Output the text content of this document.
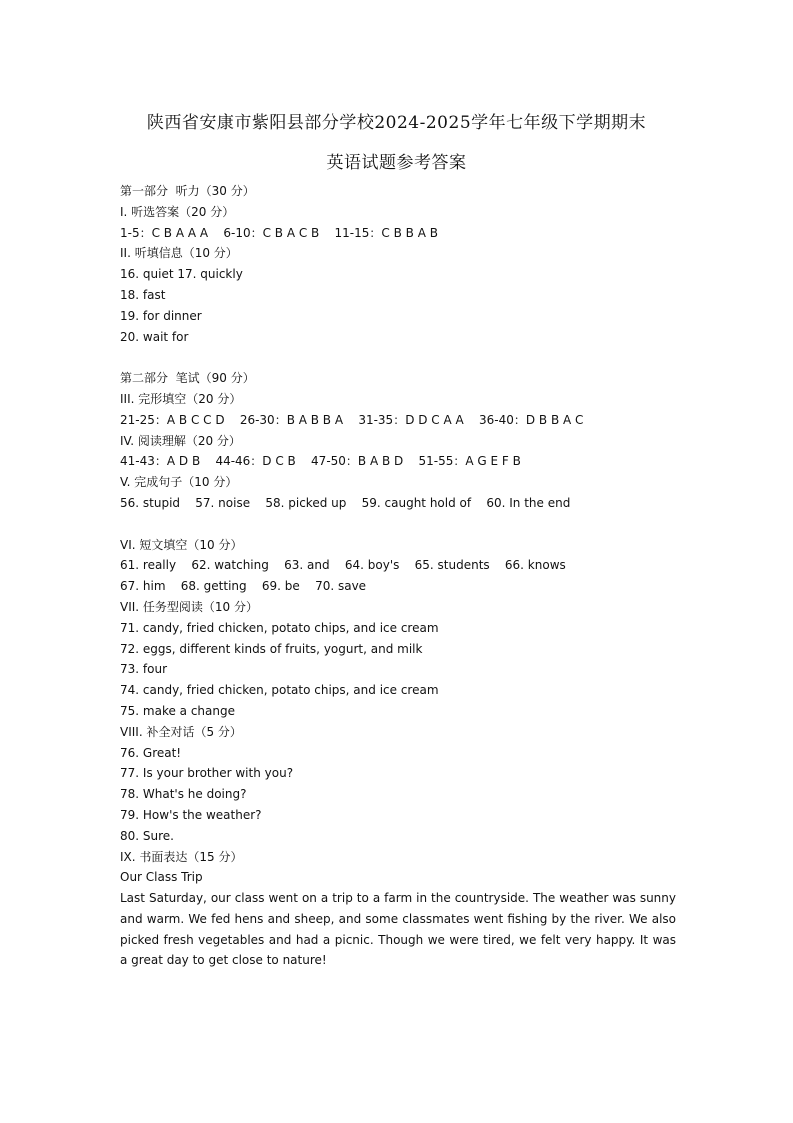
陕西省安康市紫阳县部分学校2024-2025学年七年级下学期期末
英语试题参考答案
第一部分  听力（30 分）
I. 听选答案（20 分）
1-5：C B A A A    6-10：C B A C B    11-15：C B B A B
II. 听填信息（10 分）
16. quiet 17. quickly
18. fast
19. for dinner
20. wait for
第二部分  笔试（90 分）
III. 完形填空（20 分）
21-25：A B C C D    26-30：B A B B A    31-35：D D C A A    36-40：D B B A C
IV. 阅读理解（20 分）
41-43：A D B    44-46：D C B    47-50：B A B D    51-55：A G E F B
V. 完成句子（10 分）
56. stupid    57. noise    58. picked up    59. caught hold of    60. In the end
VI. 短文填空（10 分）
61. really    62. watching    63. and    64. boy's    65. students    66. knows
67. him    68. getting    69. be    70. save
VII. 任务型阅读（10 分）
71. candy, fried chicken, potato chips, and ice cream
72. eggs, different kinds of fruits, yogurt, and milk
73. four
74. candy, fried chicken, potato chips, and ice cream
75. make a change
VIII. 补全对话（5 分）
76. Great!
77. Is your brother with you?
78. What's he doing?
79. How's the weather?
80. Sure.
IX. 书面表达（15 分）
Our Class Trip
Last Saturday, our class went on a trip to a farm in the countryside. The weather was sunny and warm. We fed hens and sheep, and some classmates went fishing by the river. We also picked fresh vegetables and had a picnic. Though we were tired, we felt very happy. It was a great day to get close to nature!
